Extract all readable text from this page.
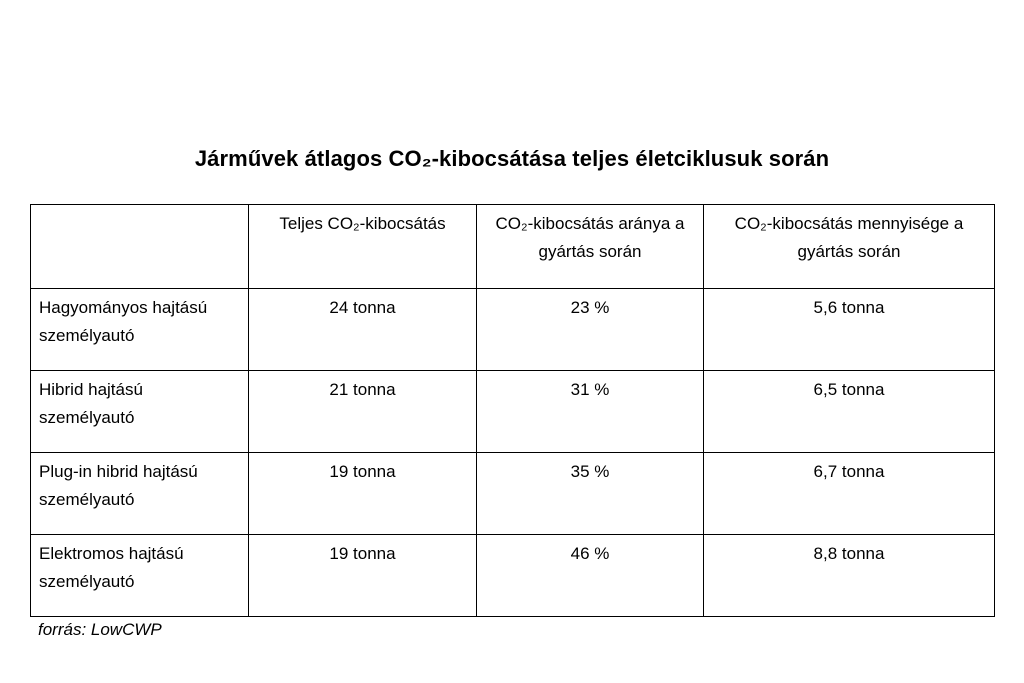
Járművek átlagos CO₂-kibocsátása teljes életciklusuk során
	Teljes CO₂-kibocsátás	CO₂-kibocsátás aránya a gyártás során	CO₂-kibocsátás mennyisége a gyártás során
Hagyományos hajtású személyautó	24 tonna	23 %	5,6 tonna
Hibrid hajtású személyautó	21 tonna	31 %	6,5 tonna
Plug-in hibrid hajtású személyautó	19 tonna	35 %	6,7 tonna
Elektromos hajtású személyautó	19 tonna	46 %	8,8 tonna
forrás: LowCWP
